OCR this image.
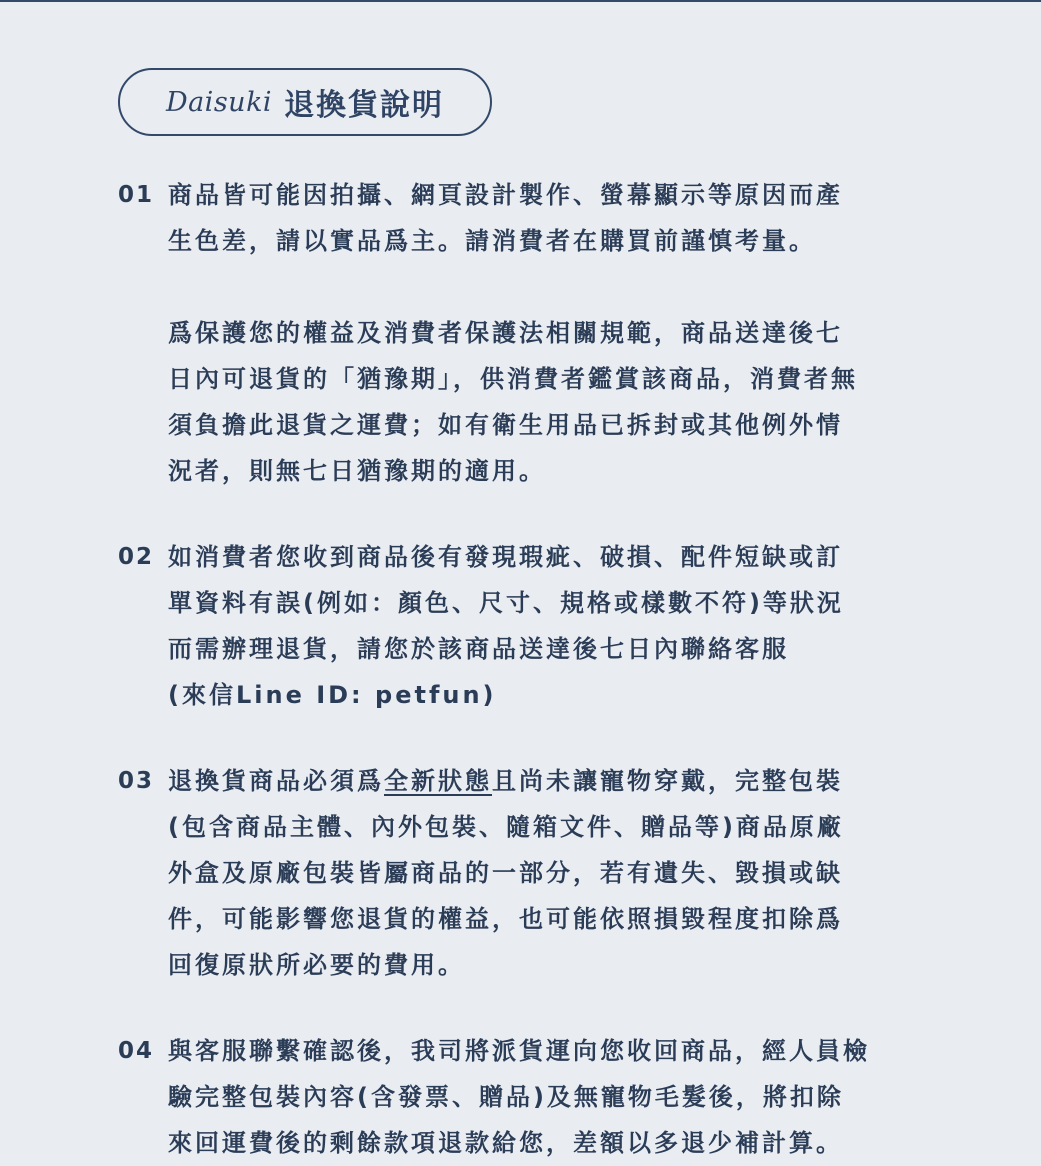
Daisuki 退換貨說明
01 商品皆可能因拍攝、網頁設計製作、螢幕顯示等原因而產
生色差，請以實品爲主。請消費者在購買前謹慎考量。
爲保護您的權益及消費者保護法相關規範，商品送達後七
日內可退貨的「猶豫期」，供消費者鑑賞該商品，消費者無
須負擔此退貨之運費；如有衛生用品已拆封或其他例外情
況者，則無七日猶豫期的適用。
02 如消費者您收到商品後有發現瑕疵、破損、配件短缺或訂
單資料有誤(例如：顏色、尺寸、規格或樣數不符)等狀況
而需辦理退貨，請您於該商品送達後七日內聯絡客服
(來信Line ID: petfun)
03 退換貨商品必須爲全新狀態且尚未讓寵物穿戴，完整包裝
(包含商品主體、內外包裝、隨箱文件、贈品等)商品原廠
外盒及原廠包裝皆屬商品的一部分，若有遺失、毀損或缺
件，可能影響您退貨的權益，也可能依照損毀程度扣除爲
回復原狀所必要的費用。
04 與客服聯繫確認後，我司將派貨運向您收回商品，經人員檢
驗完整包裝內容(含發票、贈品)及無寵物毛髮後，將扣除
來回運費後的剩餘款項退款給您，差額以多退少補計算。
